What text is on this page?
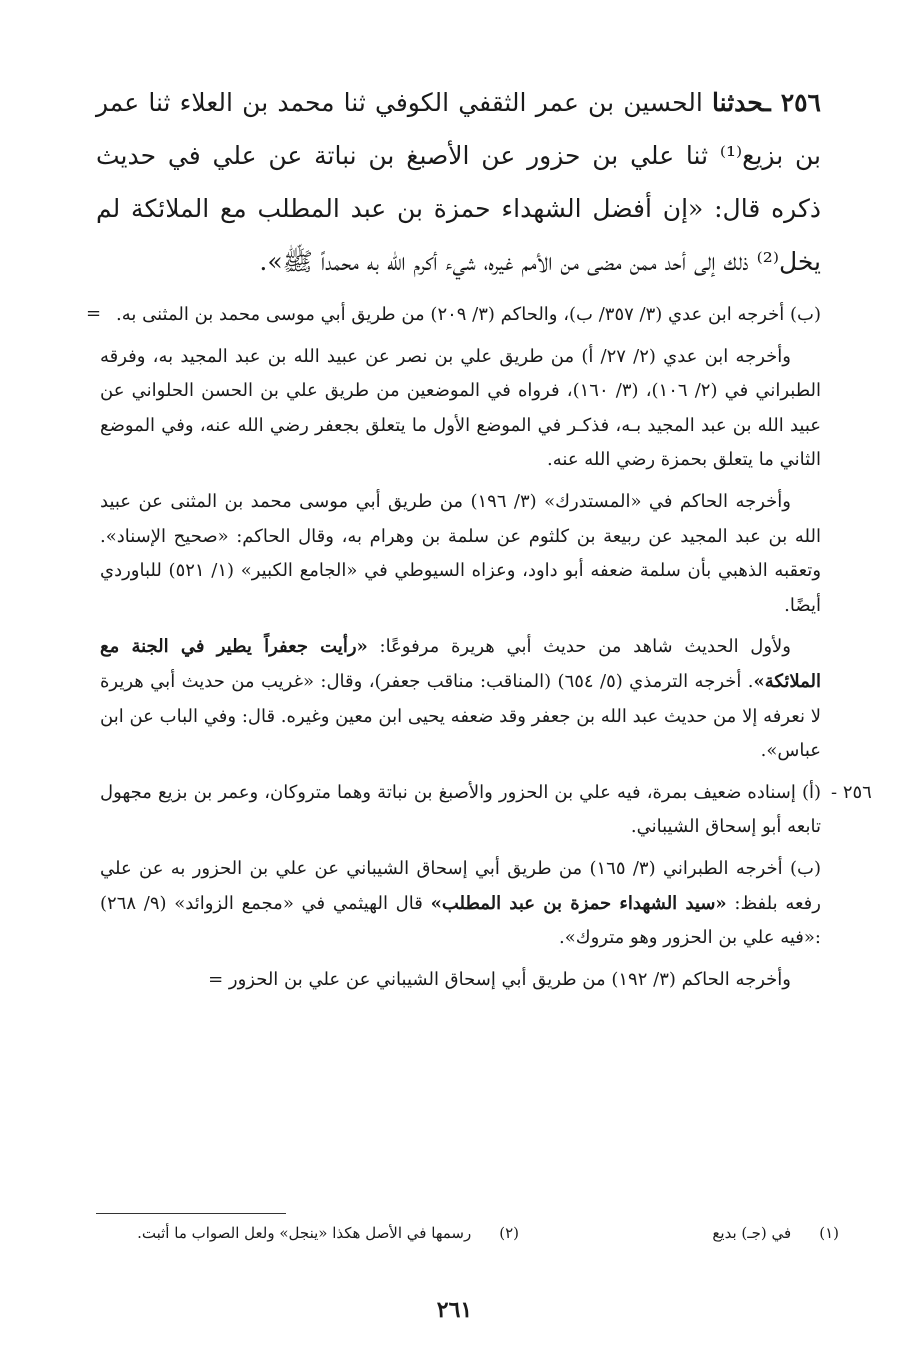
٢٥٦ ـحدثنا الحسين بن عمر الثقفي الكوفي ثنا محمد بن العلاء ثنا عمر بن بزيع⁽¹⁾ ثنا علي بن حزور عن الأصبغ بن نباتة عن علي في حديث ذكره قال: «إن أفضل الشهداء حمزة بن عبد المطلب مع الملائكة لم يخل⁽²⁾ ذلك إلى أحد ممن مضى من الأمم غيره، شيء أكرم الله به محمداً ﷺ».
= (ب) أخرجه ابن عدي (٣/ ٣٥٧/ ب)، والحاكم (٣/ ٢٠٩) من طريق أبي موسى محمد بن المثنى به.

وأخرجه ابن عدي (٢/ ٢٧/ أ) من طريق علي بن نصر عن عبيد الله بن عبد المجيد به، وفرقه الطبراني في (٢/ ١٠٦)، (٣/ ١٦٠)، فرواه في الموضعين من طريق علي بن الحسن الحلواني عن عبيد الله بن عبد المجيد بـه، فذكـر في الموضع الأول ما يتعلق بجعفر رضي الله عنه، وفي الموضع الثاني ما يتعلق بحمزة رضي الله عنه.

وأخرجه الحاكم في «المستدرك» (٣/ ١٩٦) من طريق أبي موسى محمد بن المثنى عن عبيد الله بن عبد المجيد عن ربيعة بن كلثوم عن سلمة بن وهرام به، وقال الحاكم: «صحيح الإسناد». وتعقبه الذهبي بأن سلمة ضعفه أبو داود، وعزاه السيوطي في «الجامع الكبير» (١/ ٥٢١) للباوردي أيضًا.

ولأول الحديث شاهد من حديث أبي هريرة مرفوعًا: «رأيت جعفراً يطير في الجنة مع الملائكة». أخرجه الترمذي (٥/ ٦٥٤) (المناقب: مناقب جعفر)، وقال: «غريب من حديث أبي هريرة لا نعرفه إلا من حديث عبد الله بن جعفر وقد ضعفه يحيى ابن معين وغيره. قال: وفي الباب عن ابن عباس».

٢٥٦ -
(أ) إسناده ضعيف بمرة، فيه علي بن الحزور والأصبغ بن نباتة وهما متروكان، وعمر بن بزيع مجهول تابعه أبو إسحاق الشيباني.

(ب) أخرجه الطبراني (٣/ ١٦٥) من طريق أبي إسحاق الشيباني عن علي بن الحزور به عن علي رفعه بلفظ: «سيد الشهداء حمزة بن عبد المطلب» قال الهيثمي في «مجمع الزوائد» (٩/ ٢٦٨) :«فيه علي بن الحزور وهو متروك».

وأخرجه الحاكم (٣/ ١٩٢) من طريق أبي إسحاق الشيباني عن علي بن الحزور =

(١)في (جـ) بديع
(٢)رسمها في الأصل هكذا «ينجل» ولعل الصواب ما أثبت.
٢٦١
